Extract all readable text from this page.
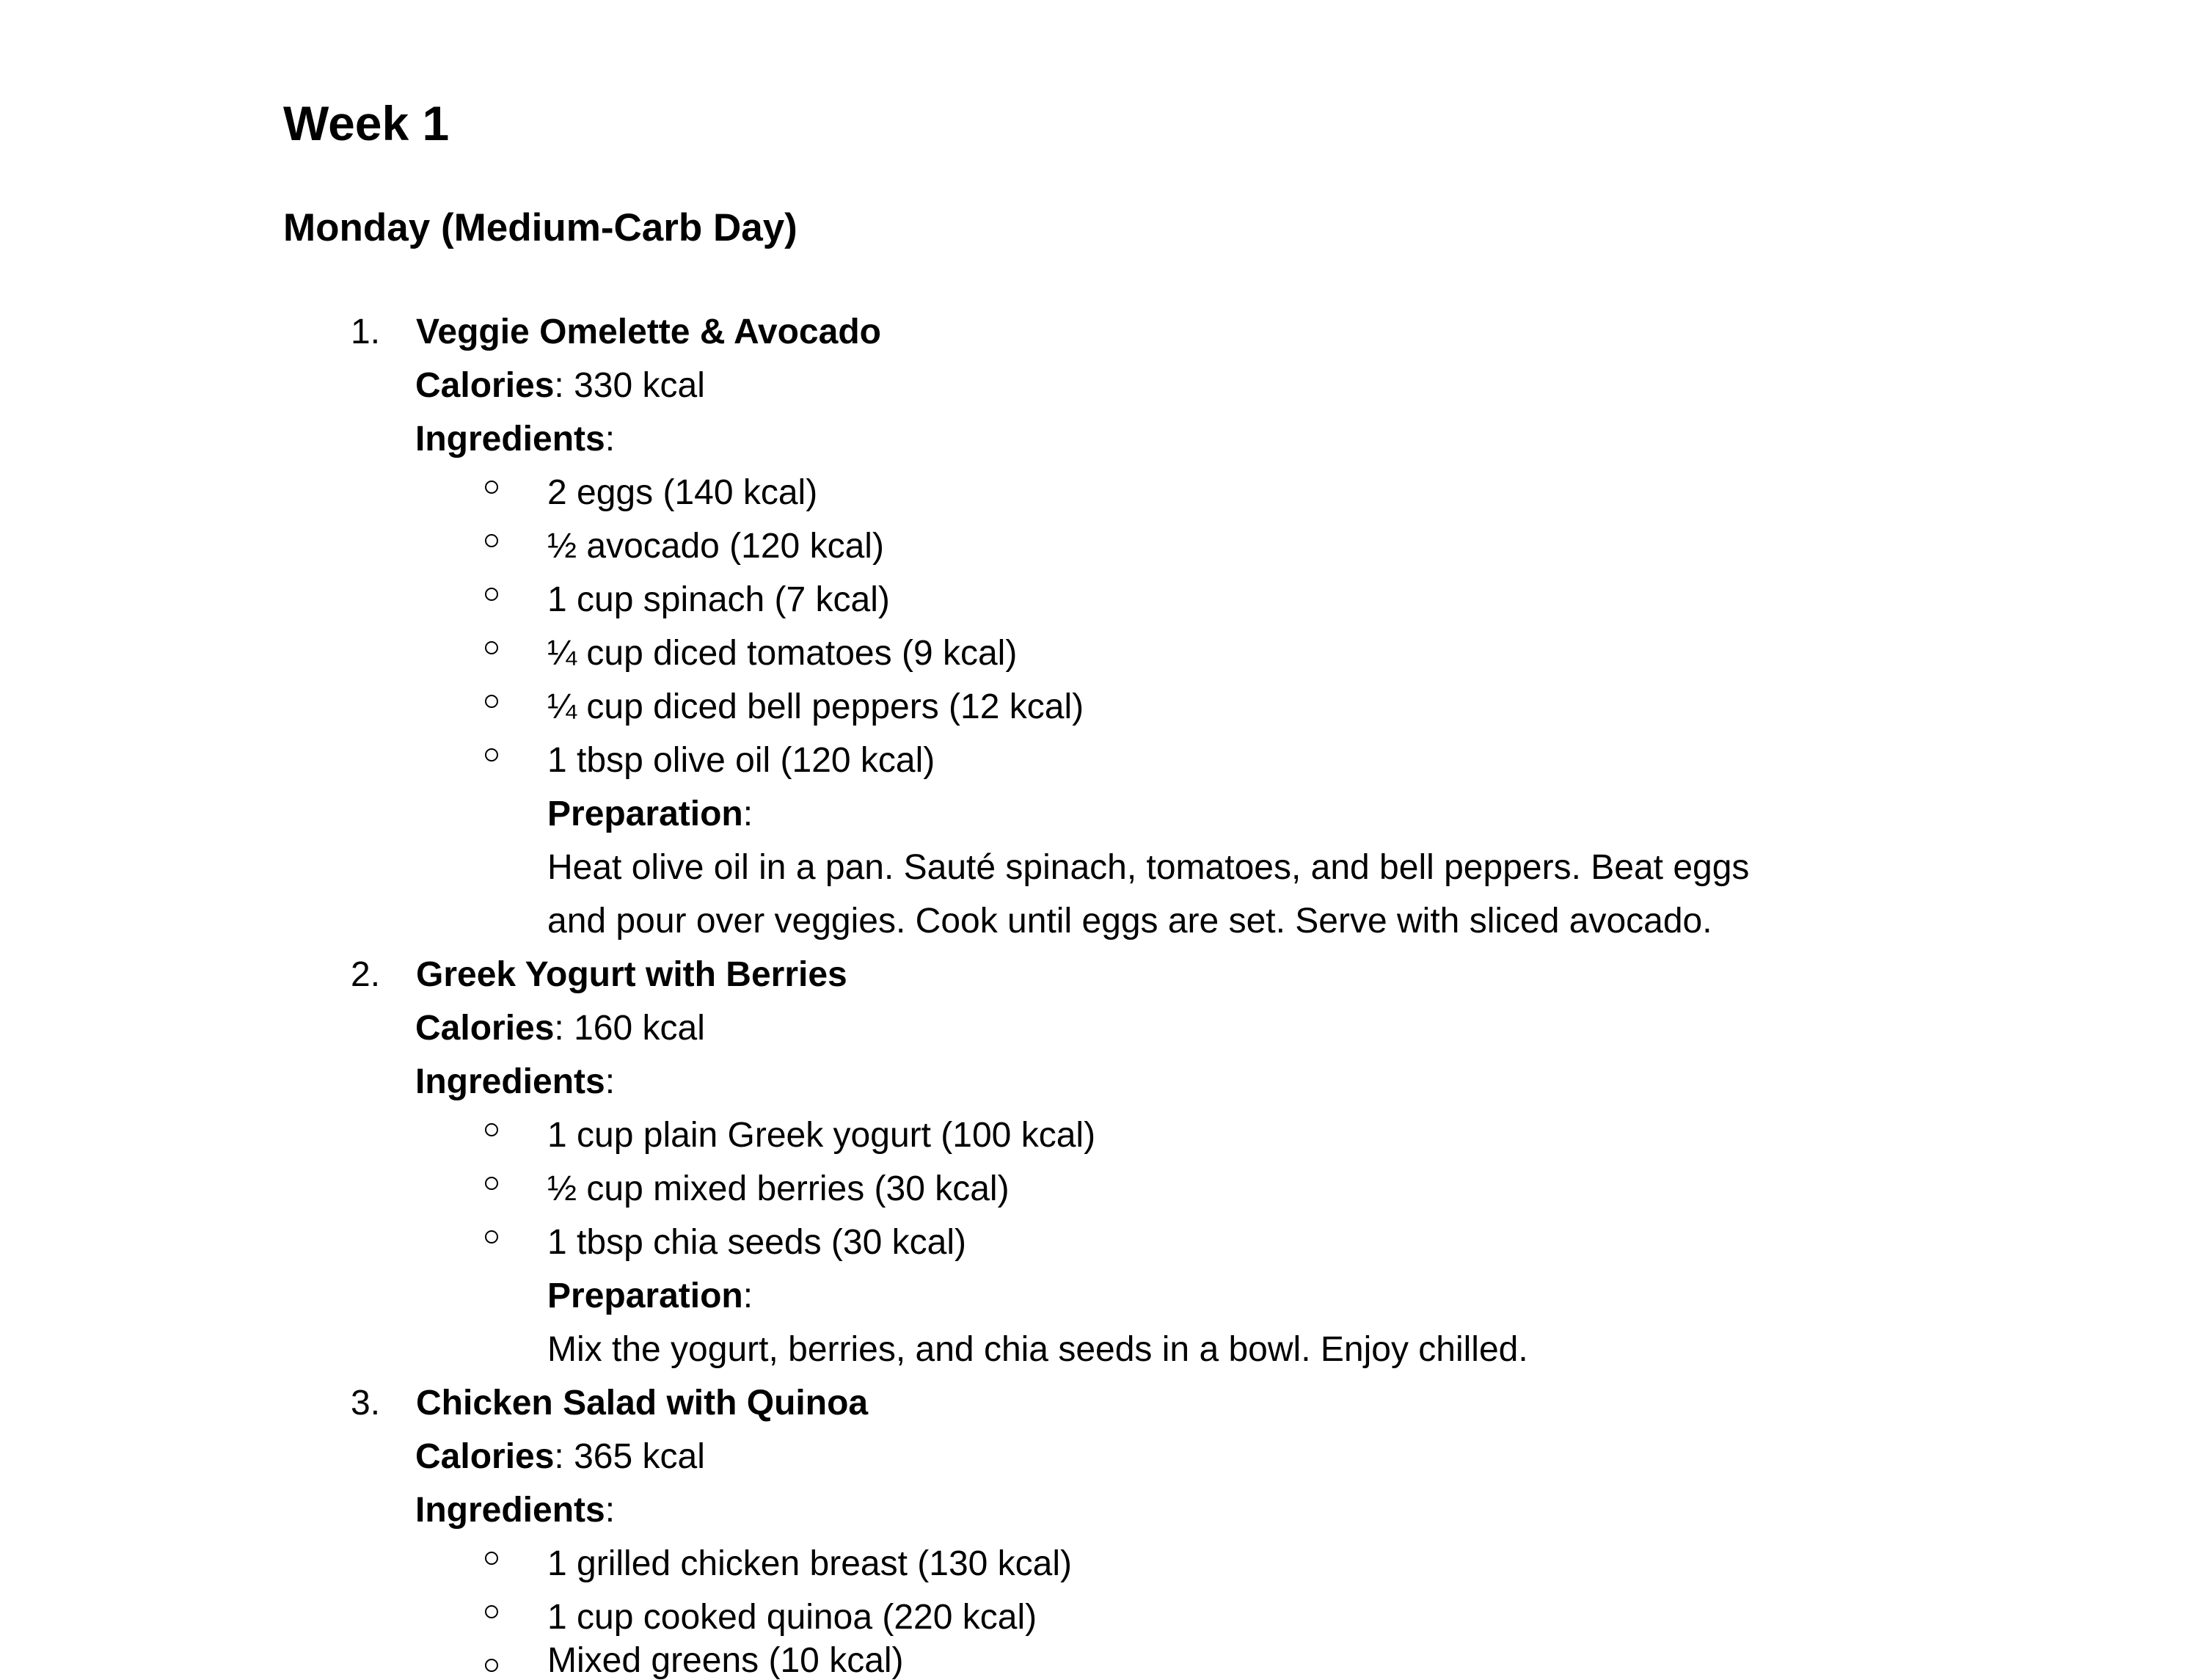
Week 1
Monday (Medium-Carb Day)
1. Veggie Omelette & Avocado
Calories: 330 kcal
Ingredients:
2 eggs (140 kcal)
½ avocado (120 kcal)
1 cup spinach (7 kcal)
¼ cup diced tomatoes (9 kcal)
¼ cup diced bell peppers (12 kcal)
1 tbsp olive oil (120 kcal)
Preparation:
Heat olive oil in a pan. Sauté spinach, tomatoes, and bell peppers. Beat eggs
and pour over veggies. Cook until eggs are set. Serve with sliced avocado.
2. Greek Yogurt with Berries
Calories: 160 kcal
Ingredients:
1 cup plain Greek yogurt (100 kcal)
½ cup mixed berries (30 kcal)
1 tbsp chia seeds (30 kcal)
Preparation:
Mix the yogurt, berries, and chia seeds in a bowl. Enjoy chilled.
3. Chicken Salad with Quinoa
Calories: 365 kcal
Ingredients:
1 grilled chicken breast (130 kcal)
1 cup cooked quinoa (220 kcal)
Mixed greens (10 kcal)
